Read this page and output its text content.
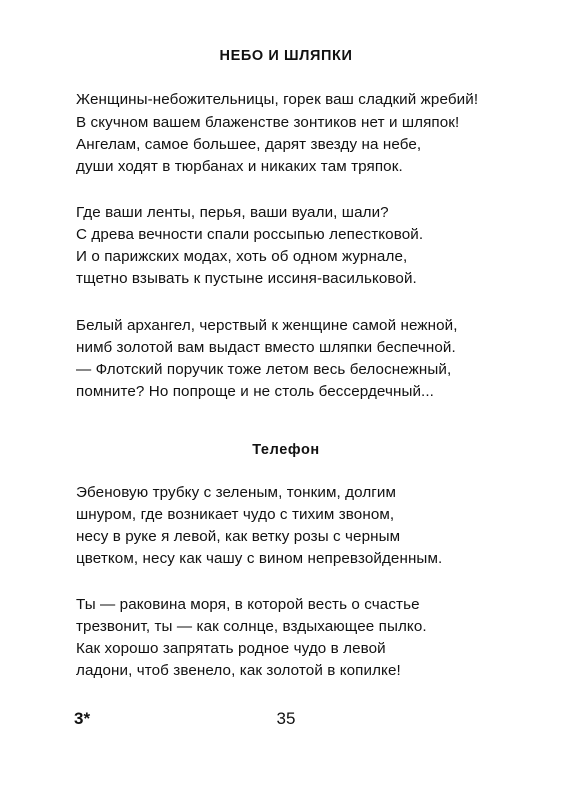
НЕБО И ШЛЯПКИ
Женщины-небожительницы, горек ваш сладкий жребий!
В скучном вашем блаженстве зонтиков нет и шляпок!
Ангелам, самое большее, дарят звезду на небе,
души ходят в тюрбанах и никаких там тряпок.
Где ваши ленты, перья, ваши вуали, шали?
С древа вечности спали россыпью лепестковой.
И о парижских модах, хоть об одном журнале,
тщетно взывать к пустыне иссиня-васильковой.
Белый архангел, черствый к женщине самой нежной,
нимб золотой вам выдаст вместо шляпки беспечной.
— Флотский поручик тоже летом весь белоснежный,
помните? Но попроще и не столь бессердечный...
Телефон
Эбеновую трубку с зеленым, тонким, долгим
шнуром, где возникает чудо с тихим звоном,
несу в руке я левой, как ветку розы с черным
цветком, несу как чашу с вином непревзойденным.
Ты — раковина моря, в которой весть о счастье
трезвонит, ты — как солнце, вздыхающее пылко.
Как хорошо запрятать родное чудо в левой
ладони, чтоб звенело, как золотой в копилке!
3*	35
